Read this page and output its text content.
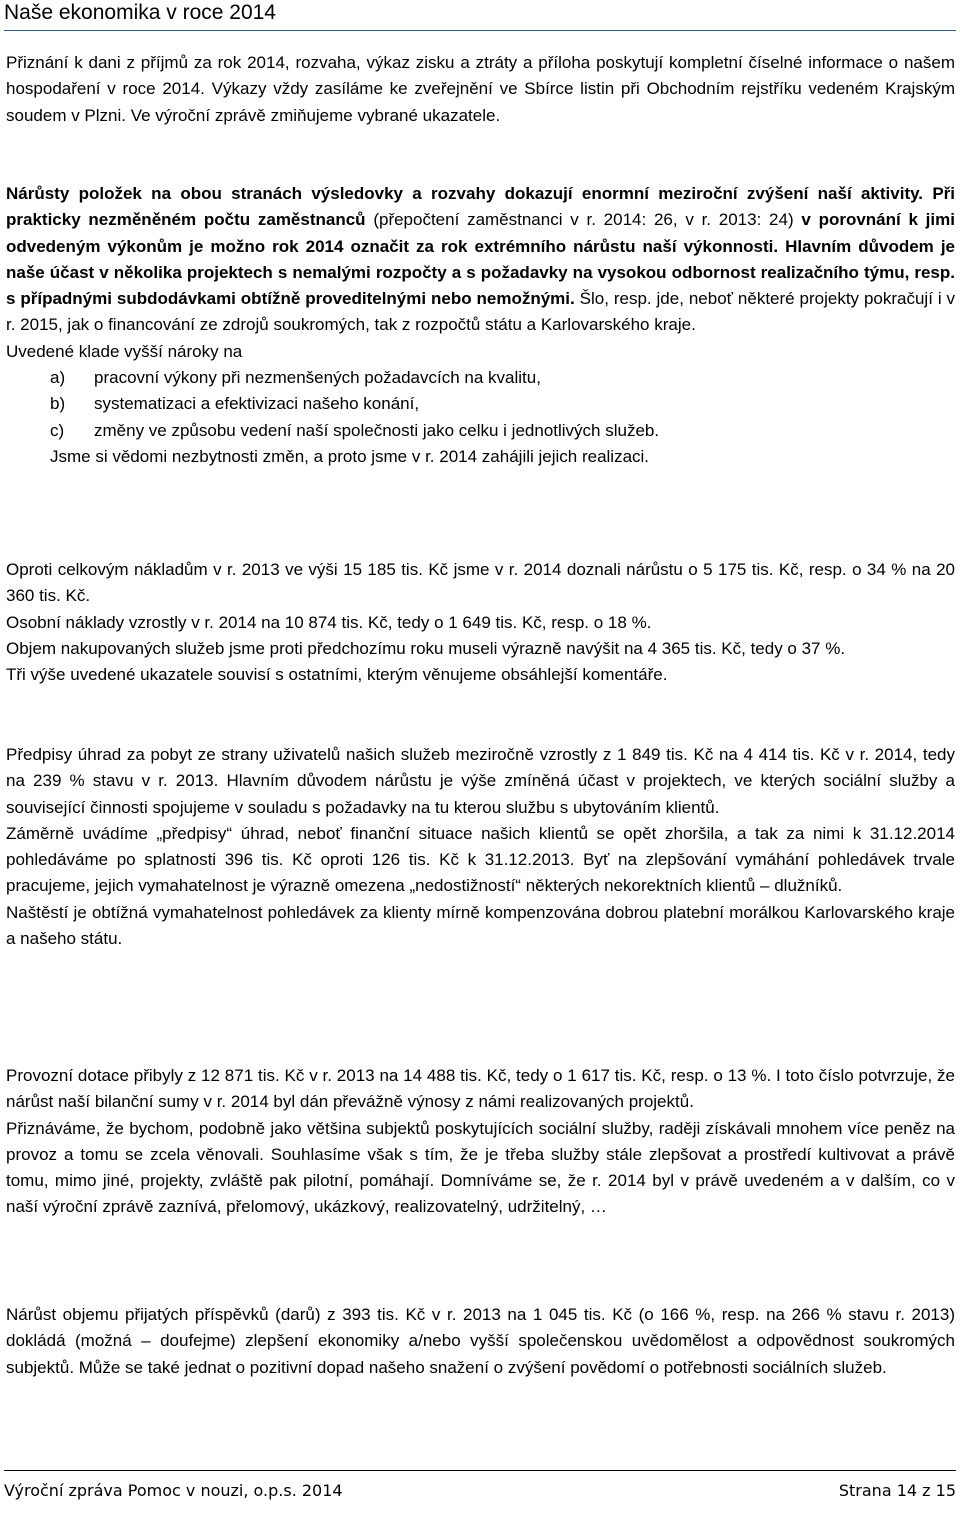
Naše ekonomika v roce 2014

Přiznání k dani z příjmů za rok 2014, rozvaha, výkaz zisku a ztráty a příloha poskytují kompletní číselné informace o našem hospodaření v roce 2014. Výkazy vždy zasíláme ke zveřejnění ve Sbírce listin při Obchodním rejstříku vedeném Krajským soudem v Plzni. Ve výroční zprávě zmiňujeme vybrané ukazatele.

Nárůsty položek na obou stranách výsledovky a rozvahy dokazují enormní meziroční zvýšení naší aktivity. Při prakticky nezměněném počtu zaměstnanců (přepočtení zaměstnanci v r. 2014: 26, v r. 2013: 24) v porovnání k jimi odvedeným výkonům je možno rok 2014 označit za rok extrémního nárůstu naší výkonnosti. Hlavním důvodem je naše účast v několika projektech s nemalými rozpočty a s požadavky na vysokou odbornost realizačního týmu, resp. s případnými subdodávkami obtížně proveditelnými nebo nemožnými. Šlo, resp. jde, neboť některé projekty pokračují i v r. 2015, jak o financování ze zdrojů soukromých, tak z rozpočtů státu a Karlovarského kraje.

Uvedené klade vyšší nároky na

a)	pracovní výkony při nezmenšených požadavcích na kvalitu,
b)	systematizaci a efektivizaci našeho konání,
c)	změny ve způsobu vedení naší společnosti jako celku i jednotlivých služeb.

Jsme si vědomi nezbytnosti změn, a proto jsme v r. 2014 zahájili jejich realizaci.

Oproti celkovým nákladům v r. 2013 ve výši 15 185 tis. Kč jsme v r. 2014 doznali nárůstu o 5 175 tis. Kč, resp. o 34 % na 20 360 tis. Kč.

Osobní náklady vzrostly v r. 2014 na 10 874 tis. Kč, tedy o 1 649 tis. Kč, resp. o 18 %.

Objem nakupovaných služeb jsme proti předchozímu roku museli výrazně navýšit na 4 365 tis. Kč, tedy o 37 %.

Tři výše uvedené ukazatele souvisí s ostatními, kterým věnujeme obsáhlejší komentáře.

Předpisy úhrad za pobyt ze strany uživatelů našich služeb meziročně vzrostly z 1 849 tis. Kč na 4 414 tis. Kč v r. 2014, tedy na 239 % stavu v r. 2013. Hlavním důvodem nárůstu je výše zmíněná účast v projektech, ve kterých sociální služby a související činnosti spojujeme v souladu s požadavky na tu kterou službu s ubytováním klientů.

Záměrně uvádíme „předpisy“ úhrad, neboť finanční situace našich klientů se opět zhoršila, a tak za nimi k 31.12.2014 pohledáváme po splatnosti 396 tis. Kč oproti 126 tis. Kč k 31.12.2013. Byť na zlepšování vymáhání pohledávek trvale pracujeme, jejich vymahatelnost je výrazně omezena „nedostižností“ některých nekorektních klientů – dlužníků.

Naštěstí je obtížná vymahatelnost pohledávek za klienty mírně kompenzována dobrou platební morálkou Karlovarského kraje a našeho státu.

Provozní dotace přibyly z 12 871 tis. Kč v r. 2013 na 14 488 tis. Kč, tedy o 1 617 tis. Kč, resp. o 13 %. I toto číslo potvrzuje, že nárůst naší bilanční sumy v r. 2014 byl dán převážně výnosy z námi realizovaných projektů.

Přiznáváme, že bychom, podobně jako většina subjektů poskytujících sociální služby, raději získávali mnohem více peněz na provoz a tomu se zcela věnovali. Souhlasíme však s tím, že je třeba služby stále zlepšovat a prostředí kultivovat a právě tomu, mimo jiné, projekty, zvláště pak pilotní, pomáhají. Domníváme se, že r. 2014 byl v právě uvedeném a v dalším, co v naší výroční zprávě zaznívá, přelomový, ukázkový, realizovatelný, udržitelný, …

Nárůst objemu přijatých příspěvků (darů) z 393 tis. Kč v r. 2013 na 1 045 tis. Kč (o 166 %, resp. na 266 % stavu r. 2013) dokládá (možná – doufejme) zlepšení ekonomiky a/nebo vyšší společenskou uvědomělost a odpovědnost soukromých subjektů. Může se také jednat o pozitivní dopad našeho snažení o zvýšení povědomí o potřebnosti sociálních služeb.

Výroční zpráva Pomoc v nouzi, o.p.s. 2014	Strana 14 z 15
